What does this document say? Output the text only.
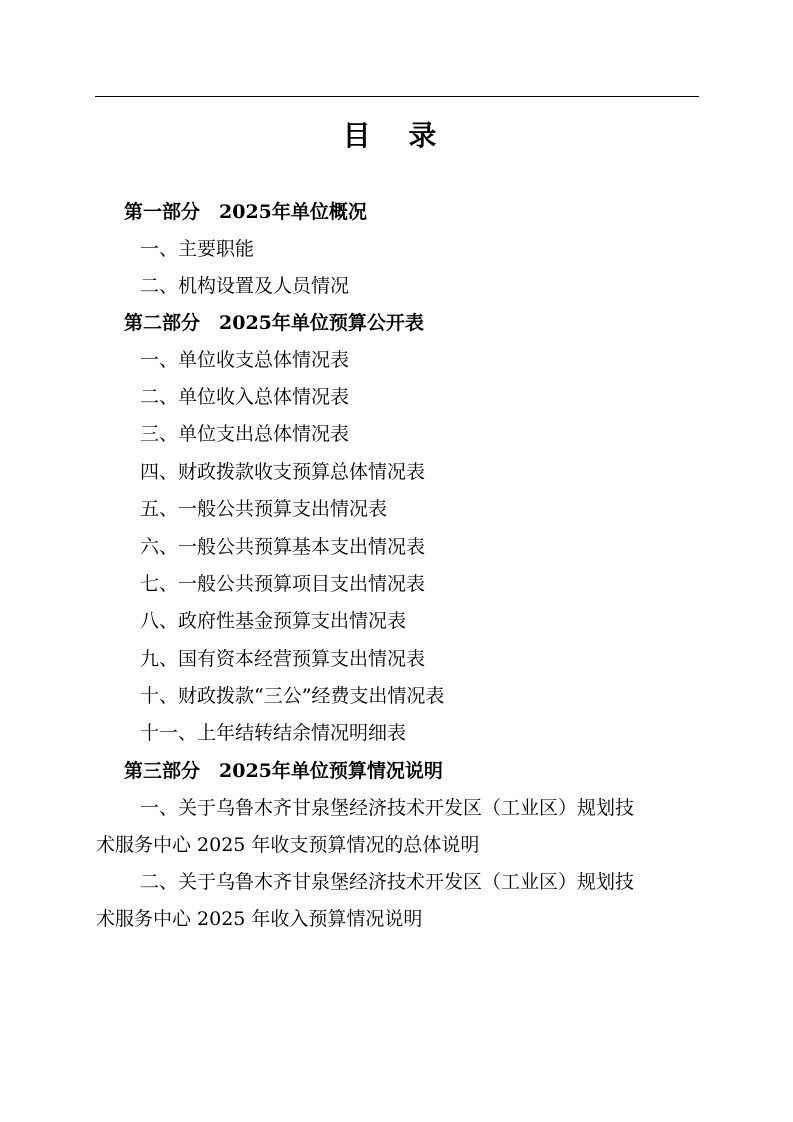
目 录
第一部分　2025年单位概况
一、主要职能
二、机构设置及人员情况
第二部分　2025年单位预算公开表
一、单位收支总体情况表
二、单位收入总体情况表
三、单位支出总体情况表
四、财政拨款收支预算总体情况表
五、一般公共预算支出情况表
六、一般公共预算基本支出情况表
七、一般公共预算项目支出情况表
八、政府性基金预算支出情况表
九、国有资本经营预算支出情况表
十、财政拨款“三公”经费支出情况表
十一、上年结转结余情况明细表
第三部分　2025年单位预算情况说明
一、关于乌鲁木齐甘泉堡经济技术开发区（工业区）规划技
术服务中心 2025 年收支预算情况的总体说明
二、关于乌鲁木齐甘泉堡经济技术开发区（工业区）规划技
术服务中心 2025 年收入预算情况说明
